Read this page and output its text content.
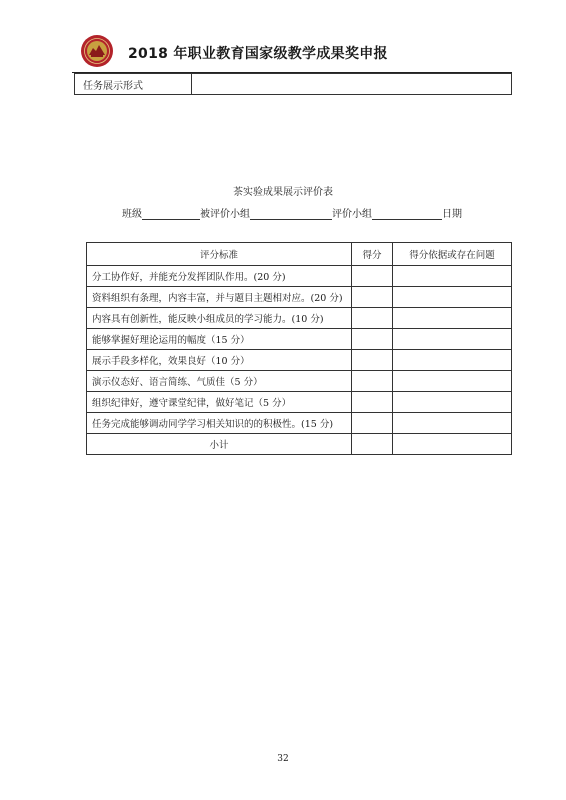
2018 年职业教育国家级教学成果奖申报
任务展示形式	
茶实验成果展示评价表
班级	被评价小组	评价小组	日期
评分标准	得分	得分依据或存在问题
分工协作好，并能充分发挥团队作用。(20 分)		
资料组织有条理，内容丰富，并与题目主题相对应。(20 分)		
内容具有创新性，能反映小组成员的学习能力。(10 分)		
能够掌握好理论运用的幅度（15 分）		
展示手段多样化，效果良好（10 分）		
演示仪态好、语言简练、气质佳（5 分）		
组织纪律好，遵守课堂纪律，做好笔记（5 分）		
任务完成能够调动同学学习相关知识的的积极性。(15 分)		
小计		
32
